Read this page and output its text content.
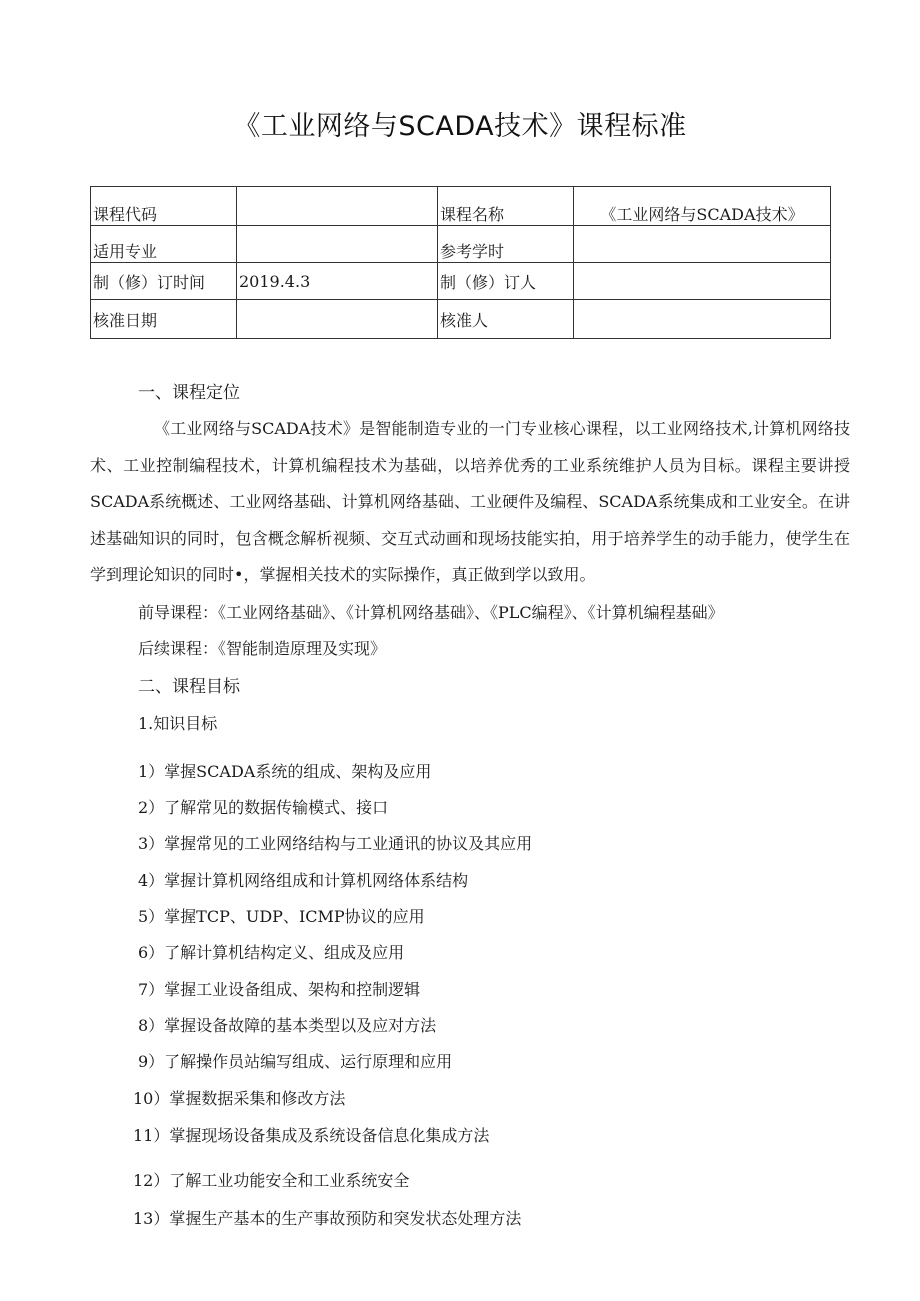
《工业网络与SCADA技术》课程标准
课程代码		课程名称	《工业网络与SCADA技术》
适用专业		参考学时	
制（修）订时间	2019.4.3	制（修）订人	
核准日期		核准人	
一、课程定位

《工业网络与SCADA技术》是智能制造专业的一门专业核心课程，以工业网络技术,计算机网络技术、工业控制编程技术，计算机编程技术为基础，以培养优秀的工业系统维护人员为目标。课程主要讲授SCADA系统概述、工业网络基础、计算机网络基础、工业硬件及编程、SCADA系统集成和工业安全。在讲述基础知识的同时，包含概念解析视频、交互式动画和现场技能实拍，用于培养学生的动手能力，使学生在学到理论知识的同时•，掌握相关技术的实际操作，真正做到学以致用。

前导课程：《工业网络基础》、《计算机网络基础》、《PLC编程》、《计算机编程基础》
后续课程：《智能制造原理及实现》
二、课程目标
1.知识目标
1）掌握SCADA系统的组成、架构及应用
2）了解常见的数据传输模式、接口
3）掌握常见的工业网络结构与工业通讯的协议及其应用
4）掌握计算机网络组成和计算机网络体系结构
5）掌握TCP、UDP、ICMP协议的应用
6）了解计算机结构定义、组成及应用
7）掌握工业设备组成、架构和控制逻辑
8）掌握设备故障的基本类型以及应对方法
9）了解操作员站编写组成、运行原理和应用
10）掌握数据采集和修改方法
11）掌握现场设备集成及系统设备信息化集成方法
12）了解工业功能安全和工业系统安全
13）掌握生产基本的生产事故预防和突发状态处理方法
